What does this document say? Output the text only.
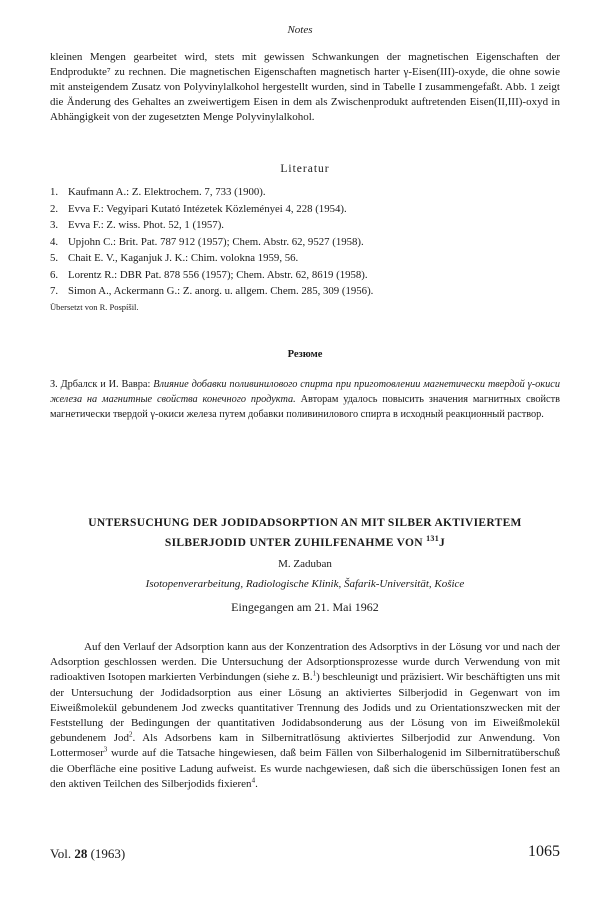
Notes
kleinen Mengen gearbeitet wird, stets mit gewissen Schwankungen der magnetischen Eigenschaften der Endprodukte⁷ zu rechnen. Die magnetischen Eigenschaften magnetisch harter γ-Eisen(III)-oxyde, die ohne sowie mit ansteigendem Zusatz von Polyvinylalkohol hergestellt wurden, sind in Tabelle I zusammengefaßt. Abb. 1 zeigt die Änderung des Gehaltes an zweiwertigem Eisen in dem als Zwischenprodukt auftretenden Eisen(II,III)-oxyd in Abhängigkeit von der zugesetzten Menge Polyvinylalkohol.
Literatur
1. Kaufmann A.: Z. Elektrochem. 7, 733 (1900).
2. Evva F.: Vegyipari Kutató Intézetek Közleményei 4, 228 (1954).
3. Evva F.: Z. wiss. Phot. 52, 1 (1957).
4. Upjohn C.: Brit. Pat. 787 912 (1957); Chem. Abstr. 62, 9527 (1958).
5. Chait E. V., Kaganjuk J. K.: Chim. volokna 1959, 56.
6. Lorentz R.: DBR Pat. 878 556 (1957); Chem. Abstr. 62, 8619 (1958).
7. Simon A., Ackermann G.: Z. anorg. u. allgem. Chem. 285, 309 (1956).
Übersetzt von R. Pospíšil.
Резюме
З. Дрбалск и И. Вавра: Влияние добавки поливинилового спирта при приготовлении магнетически твердой γ-окиси железа на магнитные свойства конечного продукта. Авторам удалось повысить значения магнитных свойств магнетически твердой γ-окиси железа путем добавки поливинилового спирта в исходный реакционный раствор.
UNTERSUCHUNG DER JODIDADSORPTION AN MIT SILBER AKTIVIERTEM
SILBERJODID UNTER ZUHILFENAHME VON $^{131}$J
M. Zaduban
Isotopenverarbeitung, Radiologische Klinik, Šafarik-Universität, Košice
Eingegangen am 21. Mai 1962
Auf den Verlauf der Adsorption kann aus der Konzentration des Adsorptivs in der Lösung vor und nach der Adsorption geschlossen werden. Die Untersuchung der Adsorptionsprozesse wurde durch Verwendung von mit radioaktiven Isotopen markierten Verbindungen (siehe z. B.$^1$) beschleunigt und präzisiert. Wir beschäftigten uns mit der Untersuchung der Jodidadsorption aus einer Lösung an aktiviertes Silberjodid in Gegenwart von im Eiweißmolekül gebundenem Jod zwecks quantitativer Trennung des Jodids und zu Orientationszwecken mit der Feststellung der Bedingungen der quantitativen Jodidabsonderung aus der Lösung von im Eiweißmolekül gebundenem Jod$^2$. Als Adsorbens kam in Silbernitratlösung aktiviertes Silberjodid zur Anwendung. Von Lottermoser$^3$ wurde auf die Tatsache hingewiesen, daß beim Fällen von Silberhalogenid im Silbernitratüberschuß die Oberfläche eine positive Ladung aufweist. Es wurde nachgewiesen, daß sich die überschüssigen Ionen fest an den aktiven Teilchen des Silberjodids fixieren$^4$.
Vol. 28 (1963)	1065
